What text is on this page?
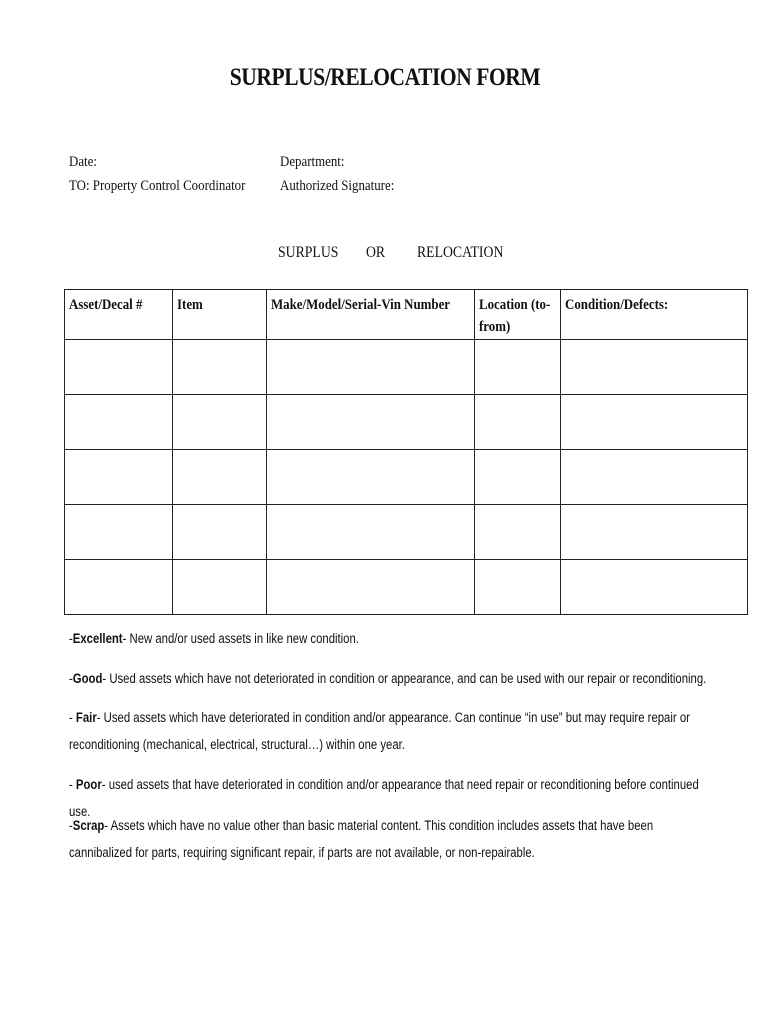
SURPLUS/RELOCATION FORM
Date:
TO: Property Control Coordinator
Department:
Authorized Signature:
SURPLUS OR RELOCATION
Asset/Decal #	Item	Make/Model/Serial-Vin Number	Location (to-from)	Condition/Defects:

-Excellent- New and/or used assets in like new condition.
-Good- Used assets which have not deteriorated in condition or appearance, and can be used with our repair or reconditioning.
- Fair- Used assets which have deteriorated in condition and/or appearance. Can continue “in use” but may require repair or reconditioning (mechanical, electrical, structural…) within one year.
- Poor- used assets that have deteriorated in condition and/or appearance that need repair or reconditioning before continued use.
-Scrap- Assets which have no value other than basic material content. This condition includes assets that have been cannibalized for parts, requiring significant repair, if parts are not available, or non-repairable.
